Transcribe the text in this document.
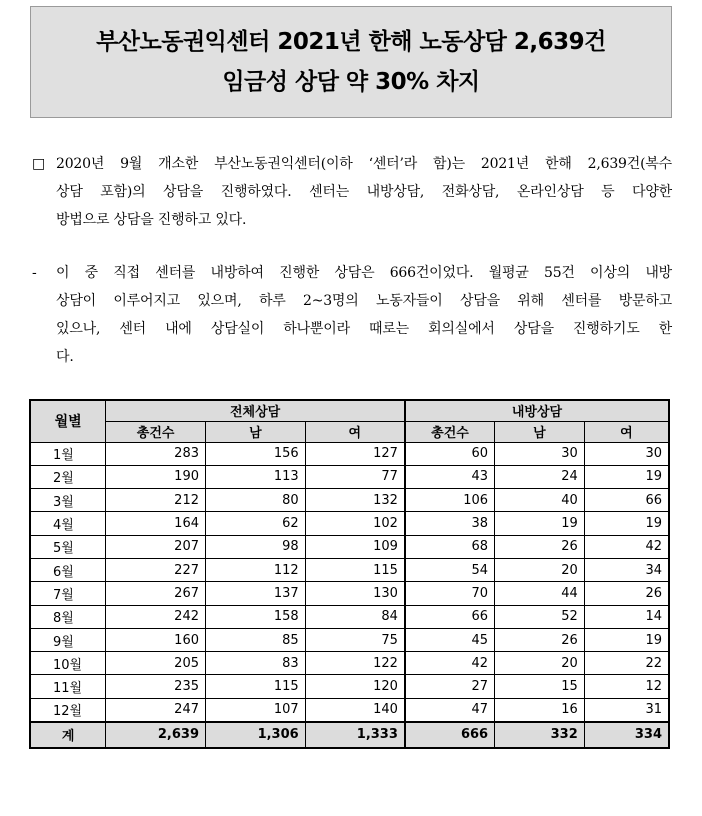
부산노동권익센터 2021년 한해 노동상담 2,639건
임금성 상담 약 30% 차지
□ 2020년 9월 개소한 부산노동권익센터(이하 ‘센터’라 함)는 2021년 한해 2,639건(복수
상담 포함)의 상담을 진행하였다. 센터는 내방상담, 전화상담, 온라인상담 등 다양한
방법으로 상담을 진행하고 있다.
-	이 중 직접 센터를 내방하여 진행한 상담은 666건이었다. 월평균 55건 이상의 내방
상담이 이루어지고 있으며, 하루 2~3명의 노동자들이 상담을 위해 센터를 방문하고
있으나, 센터 내에 상담실이 하나뿐이라 때로는 회의실에서 상담을 진행하기도 한
다.
월별	전체상담			내방상담		
	총건수	남	여	총건수	남	여
1월	283	156	127	60	30	30
2월	190	113	77	43	24	19
3월	212	80	132	106	40	66
4월	164	62	102	38	19	19
5월	207	98	109	68	26	42
6월	227	112	115	54	20	34
7월	267	137	130	70	44	26
8월	242	158	84	66	52	14
9월	160	85	75	45	26	19
10월	205	83	122	42	20	22
11월	235	115	120	27	15	12
12월	247	107	140	47	16	31
계	2,639	1,306	1,333	666	332	334
